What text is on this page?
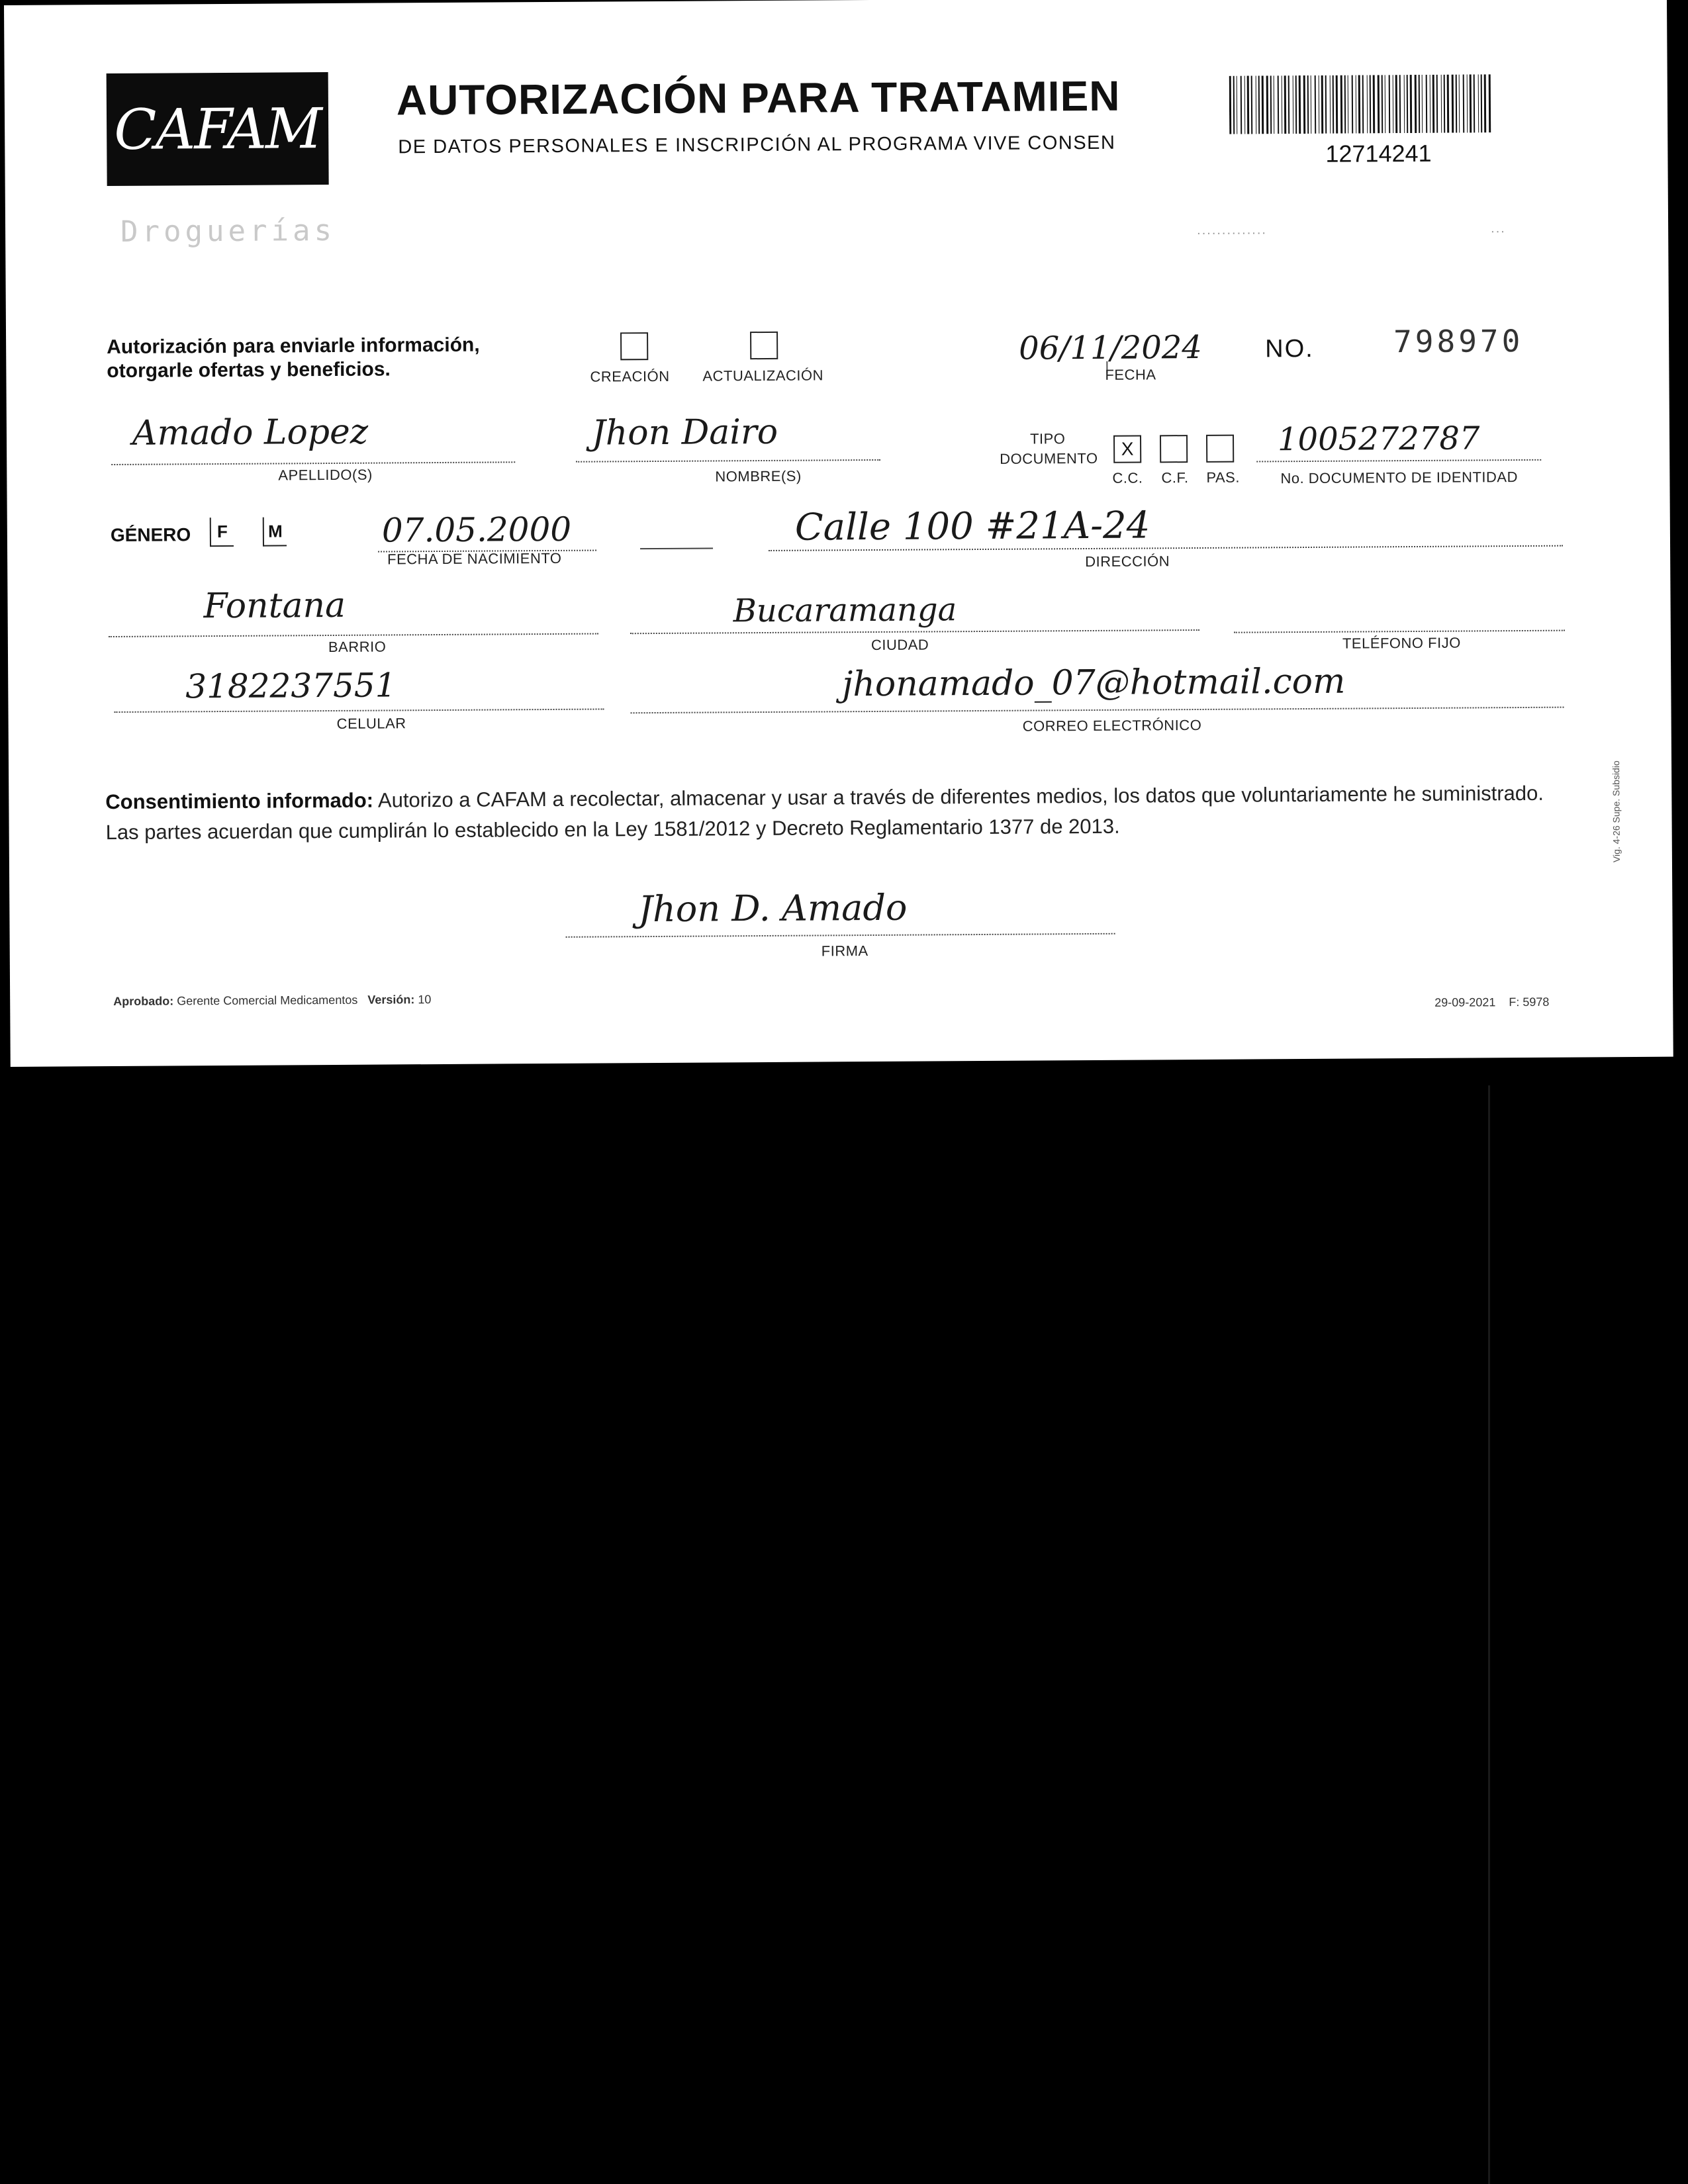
CAFAM AUTORIZACIÓN PARA TRATAMIEN
DE DATOS PERSONALES E INSCRIPCIÓN AL PROGRAMA VIVE CONSEN	12714241
Droguerías	..............	...
Autorización para enviarle información,
otorgarle ofertas y beneficios.	CREACIÓN ACTUALIZACIÓN
06/11/2024
FECHA
NO.	798970
Amado Lopez
APELLIDO(S)
Jhon Dairo
NOMBRE(S)
TIPO
DOCUMENTO	X
C.C. C.F. PAS.
1005272787
No. DOCUMENTO DE IDENTIDAD
GÉNERO F M	07.05.2000
FECHA DE NACIMIENTO
Calle 100 #21A-24
DIRECCIÓN
Fontana
BARRIO
Bucaramanga
CIUDAD	TELÉFONO FIJO
3182237551
CELULAR
jhonamado_07@hotmail.com
CORREO ELECTRÓNICO
Consentimiento informado: Autorizo a CAFAM a recolectar, almacenar y usar a través de diferentes medios, los datos que voluntariamente he suministrado. Las partes acuerdan que cumplirán lo establecido en la Ley 1581/2012 y Decreto Reglamentario 1377 de 2013.
Jhon D. Amado
FIRMA
Aprobado: Gerente Comercial Medicamentos Versión: 10	29-09-2021 F: 5978
Vig. 4-26 Supe. Subsidio
